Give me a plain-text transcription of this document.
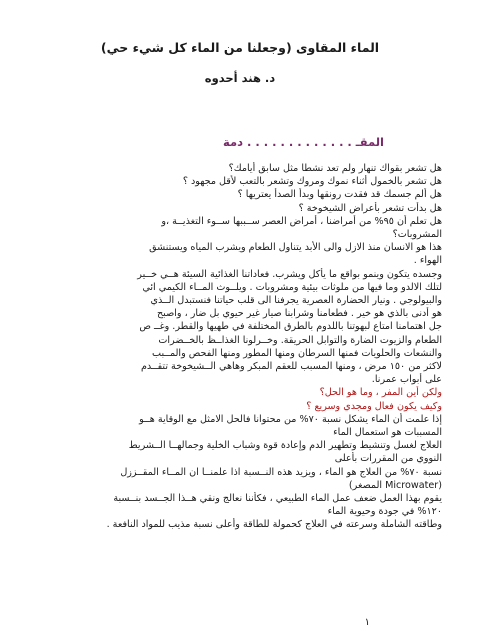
الماء المقاوى (وجعلنا من الماء كل شيء حي)
د. هند أحدوه
المقـ . . . . . . . . . . . . . دمة
هل تشعر بقواك تنهار ولم تعد نشطا مثل سابق أيامك؟
هل تشعر بالخمول أثناء نموك ومروك وتشعر بالتعب لأقل مجهود ؟
هل ألم جسمك قد فقدت رونقها وبدأ الصدأ يعتريها ؟
هل بدأت تشعر بأعراض الشيخوخة ؟
هل تعلم أن ٩٥% من أمراضنا ، أمراض العصر ســببها ســوء التغذيــة ،و
المشروبات؟
هذا هو الانسان منذ الازل والى الأبد يتناول الطعام ويشرب المياه ويستنشق
الهواء .
وجسده يتكون وينمو بواقع ما يأكل ويشرب. فعاداتنا الغذائية السيئة هــي خــير
لتلك الالدو وما فيها من ملوثات بيئية ومشروبات . ويلــوث المــاء الكيمي ائي
والبيولوجي . ونيار الحضارة العصرية يجرفنا الى قلب حياتنا فنستبدل الــذي
هو أدنى بالذي هو خير . فطعامنا وشرابنا صيار غير حيوي بل ضار ، واصبح
جل اهتمامنا امتاع لبهوتنا باللدوم بالطرق المختلفة في طهيها والقطر. وغــ ص
الطعام والزيوت الضارة والتوابل الحريقة. وخــرلونا الغذاــظ بالخــضرات
والنشعات والحلويات فمنها السرطان ومنها المطور ومنها الفحص والمــبب
لاكثر من ١٥٠ مرض ، ومنها المسبب للعقم المبكر وهاهي الــشيخوخة تتقــدم
على أبواب عمرنا.
ولكن أين المفر ، وما هو الحل؟
وكيف يكون فعال ومجدي وسريع ؟
إذا علمت أن الماء يشكل نسبة ٧٠% من محتوانا فالحل الامثل مع الوقاية هــو
المسببات هو استعمال الماء
العلاج لغسل وتنشيط وتطهير الدم وإعادة قوة وشباب الخلية وجمالهــا الــشريط
النووي من المقررات بأعلى
نسبة ٧٠% من العلاج هو الماء ، ويزيد هذه النــسبة اذا علمنــا ان المــاء المقــززل
(Microwater المصغر)
يقوم بهذا العمل ضعف عمل الماء الطبيعي ، فكأننا نعالج ونقي هــذا الجــسد بنــسبة
١٢٠% في جودة وحيوية الماء
وطاقته الشاملة وسرعته في العلاج كحمولة للطاقة وأعلى نسبة مذيب للمواد النافعة .
١
